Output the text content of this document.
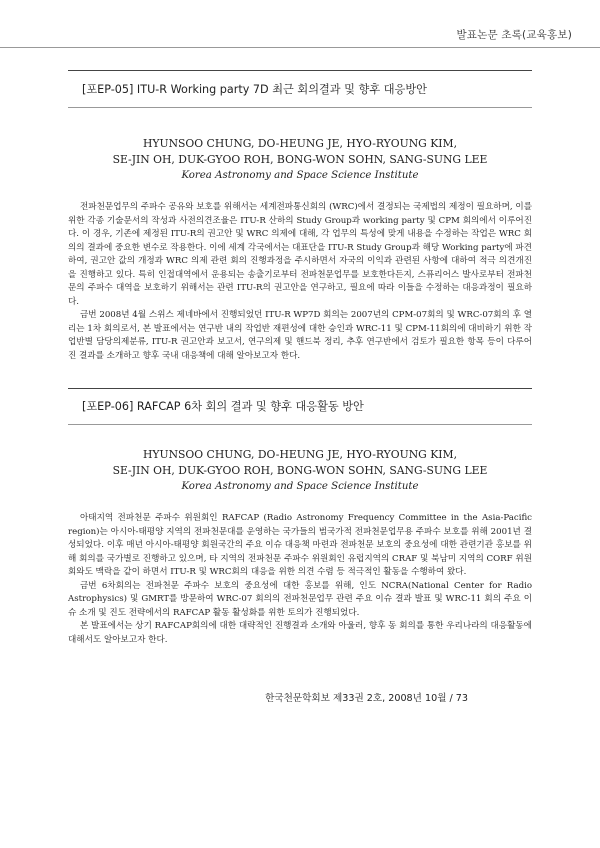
발표논문 초록(교육홍보)
[포EP-05] ITU-R Working party 7D 최근 회의결과 및 향후 대응방안
HYUNSOO CHUNG, DO-HEUNG JE, HYO-RYOUNG KIM,
SE-JIN OH, DUK-GYOO ROH, BONG-WON SOHN, SANG-SUNG LEE
Korea Astronomy and Space Science Institute

전파천문업무의 주파수 공유와 보호를 위해서는 세계전파통신회의 (WRC)에서 결정되는 국제법의 제정이 필요하며, 이를 위한 각종 기술문서의 작성과 사전의견조율은 ITU-R 산하의 Study Group과 working party 및 CPM 회의에서 이루어진다. 이 경우, 기존에 제정된 ITU-R의 권고안 및 WRC 의제에 대해, 각 업무의 특성에 맞게 내용을 수정하는 작업은 WRC 회의의 결과에 중요한 변수로 작용한다. 이에 세계 각국에서는 대표단을 ITU-R Study Group과 해당 Working party에 파견하여, 권고안 값의 개정과 WRC 의제 관련 회의 진행과정을 주시하면서 자국의 이익과 관련된 사항에 대하여 적극 의견개진을 진행하고 있다. 특히 인접대역에서 운용되는 송출기로부터 전파천문업무를 보호한다든지, 스퓨리어스 발사로부터 전파천문의 주파수 대역을 보호하기 위해서는 관련 ITU-R의 권고안을 연구하고, 필요에 따라 이들을 수정하는 대응과정이 필요하다.

금번 2008년 4월 스위스 제네바에서 진행되었던 ITU-R WP7D 회의는 2007년의 CPM-07회의 및 WRC-07회의 후 열리는 1차 회의로서, 본 발표에서는 연구반 내의 작업반 재편성에 대한 승인과 WRC-11 및 CPM-11회의에 대비하기 위한 작업반별 담당의제분류, ITU-R 권고안과 보고서, 연구의제 및 핸드북 정리, 추후 연구반에서 검토가 필요한 항목 등이 다루어진 결과를 소개하고 향후 국내 대응책에 대해 알아보고자 한다.

[포EP-06] RAFCAP 6차 회의 결과 및 향후 대응활동 방안
HYUNSOO CHUNG, DO-HEUNG JE, HYO-RYOUNG KIM,
SE-JIN OH, DUK-GYOO ROH, BONG-WON SOHN, SANG-SUNG LEE
Korea Astronomy and Space Science Institute

아태지역 전파천문 주파수 위원회인 RAFCAP (Radio Astronomy Frequency Committee in the Asia-Pacific region)는 아시아-태평양 지역의 전파천문대를 운영하는 국가들의 범국가적 전파천문업무용 주파수 보호를 위해 2001년 결성되었다. 이후 매년 아시아-태평양 회원국간의 주요 이슈 대응책 마련과 전파천문 보호의 중요성에 대한 관련기관 홍보를 위해 회의를 국가별로 진행하고 있으며, 타 지역의 전파천문 주파수 위원회인 유럽지역의 CRAF 및 북남미 지역의 CORF 위원회와도 맥락을 같이 하면서 ITU-R 및 WRC회의 대응을 위한 의견 수렴 등 적극적인 활동을 수행하여 왔다.

금번 6차회의는 전파천문 주파수 보호의 중요성에 대한 홍보를 위해, 인도 NCRA(National Center for Radio Astrophysics) 및 GMRT를 방문하여 WRC-07 회의의 전파천문업무 관련 주요 이슈 결과 발표 및 WRC-11 회의 주요 이슈 소개 및 진도 전략에서의 RAFCAP 활동 활성화를 위한 토의가 진행되었다.

본 발표에서는 상기 RAFCAP회의에 대한 대략적인 진행결과 소개와 아울러, 향후 동 회의를 통한 우리나라의 대응활동에 대해서도 알아보고자 한다.

한국천문학회보 제33권 2호, 2008년 10월 / 73
